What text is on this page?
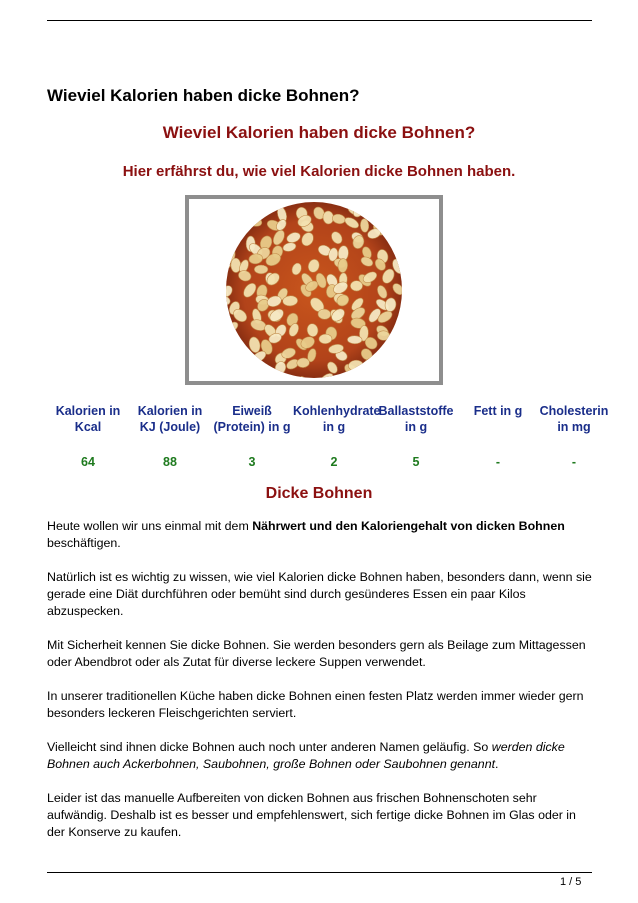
Wieviel Kalorien haben dicke Bohnen?
Wieviel Kalorien haben dicke Bohnen?
Hier erfährst du, wie viel Kalorien dicke Bohnen haben.
Kalorien in Kcal
64
Kalorien in KJ (Joule)
88
Eiweiß (Protein) in g
3
Kohlenhydrate in g
2
Ballaststoffe in g
5
Fett in g
-
Cholesterin in mg
-
Dicke Bohnen

Heute wollen wir uns einmal mit dem Nährwert und den Kaloriengehalt von dicken Bohnen beschäftigen.

Natürlich ist es wichtig zu wissen, wie viel Kalorien dicke Bohnen haben, besonders dann, wenn sie gerade eine Diät durchführen oder bemüht sind durch gesünderes Essen ein paar Kilos abzuspecken.

Mit Sicherheit kennen Sie dicke Bohnen. Sie werden besonders gern als Beilage zum Mittagessen oder Abendbrot oder als Zutat für diverse leckere Suppen verwendet.

In unserer traditionellen Küche haben dicke Bohnen einen festen Platz werden immer wieder gern besonders leckeren Fleischgerichten serviert.

Vielleicht sind ihnen dicke Bohnen auch noch unter anderen Namen geläufig. So werden dicke Bohnen auch Ackerbohnen, Saubohnen, große Bohnen oder Saubohnen genannt.

Leider ist das manuelle Aufbereiten von dicken Bohnen aus frischen Bohnenschoten sehr aufwändig. Deshalb ist es besser und empfehlenswert, sich fertige dicke Bohnen im Glas oder in der Konserve zu kaufen.

1 / 5
